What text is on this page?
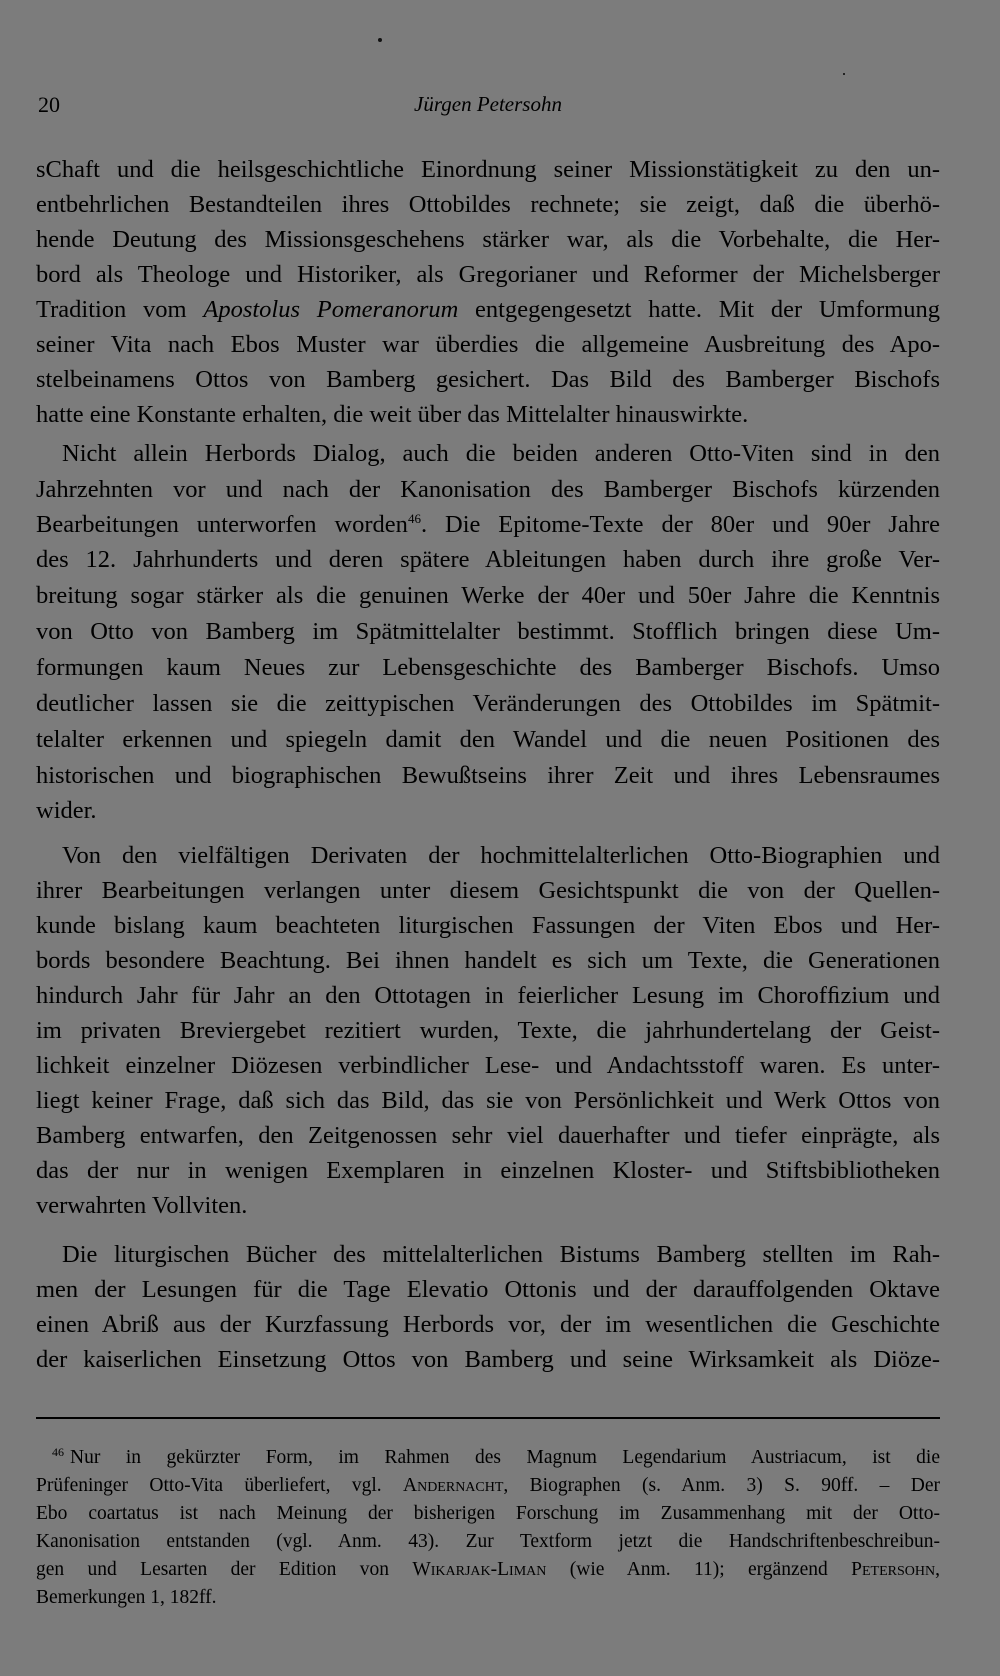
20	Jürgen Petersohn
sChaft und die heilsgeschichtliche Einordnung seiner Missionstätigkeit zu den un-
entbehrlichen Bestandteilen ihres Ottobildes rechnete; sie zeigt, daß die überhö-
hende Deutung des Missionsgeschehens stärker war, als die Vorbehalte, die Her-
bord als Theologe und Historiker, als Gregorianer und Reformer der Michelsberger
Tradition vom Apostolus Pomeranorum entgegengesetzt hatte. Mit der Umformung
seiner Vita nach Ebos Muster war überdies die allgemeine Ausbreitung des Apo-
stelbeinamens Ottos von Bamberg gesichert. Das Bild des Bamberger Bischofs
hatte eine Konstante erhalten, die weit über das Mittelalter hinauswirkte.
Nicht allein Herbords Dialog, auch die beiden anderen Otto-Viten sind in den
Jahrzehnten vor und nach der Kanonisation des Bamberger Bischofs kürzenden
Bearbeitungen unterworfen worden$^{46}$. Die Epitome-Texte der 80er und 90er Jahre
des 12. Jahrhunderts und deren spätere Ableitungen haben durch ihre große Ver-
breitung sogar stärker als die genuinen Werke der 40er und 50er Jahre die Kenntnis
von Otto von Bamberg im Spätmittelalter bestimmt. Stofflich bringen diese Um-
formungen kaum Neues zur Lebensgeschichte des Bamberger Bischofs. Umso
deutlicher lassen sie die zeittypischen Veränderungen des Ottobildes im Spätmit-
telalter erkennen und spiegeln damit den Wandel und die neuen Positionen des
historischen und biographischen Bewußtseins ihrer Zeit und ihres Lebensraumes
wider.
Von den vielfältigen Derivaten der hochmittelalterlichen Otto-Biographien und
ihrer Bearbeitungen verlangen unter diesem Gesichtspunkt die von der Quellen-
kunde bislang kaum beachteten liturgischen Fassungen der Viten Ebos und Her-
bords besondere Beachtung. Bei ihnen handelt es sich um Texte, die Generationen
hindurch Jahr für Jahr an den Ottotagen in feierlicher Lesung im Chorofﬁzium und
im privaten Breviergebet rezitiert wurden, Texte, die jahrhundertelang der Geist-
lichkeit einzelner Diözesen verbindlicher Lese- und Andachtsstoff waren. Es unter-
liegt keiner Frage, daß sich das Bild, das sie von Persönlichkeit und Werk Ottos von
Bamberg entwarfen, den Zeitgenossen sehr viel dauerhafter und tiefer einprägte, als
das der nur in wenigen Exemplaren in einzelnen Kloster- und Stiftsbibliotheken
verwahrten Vollviten.
Die liturgischen Bücher des mittelalterlichen Bistums Bamberg stellten im Rah-
men der Lesungen für die Tage Elevatio Ottonis und der darauffolgenden Oktave
einen Abriß aus der Kurzfassung Herbords vor, der im wesentlichen die Geschichte
der kaiserlichen Einsetzung Ottos von Bamberg und seine Wirksamkeit als Diöze-
$^{46}$ Nur in gekürzter Form, im Rahmen des Magnum Legendarium Austriacum, ist die
Prüfeninger Otto-Vita überliefert, vgl. Andernacht, Biographen (s. Anm. 3) S. 90ff. – Der
Ebo coartatus ist nach Meinung der bisherigen Forschung im Zusammenhang mit der Otto-
Kanonisation entstanden (vgl. Anm. 43). Zur Textform jetzt die Handschriftenbeschreibun-
gen und Lesarten der Edition von Wikarjak-Liman (wie Anm. 11); ergänzend Petersohn,
Bemerkungen 1, 182ff.
